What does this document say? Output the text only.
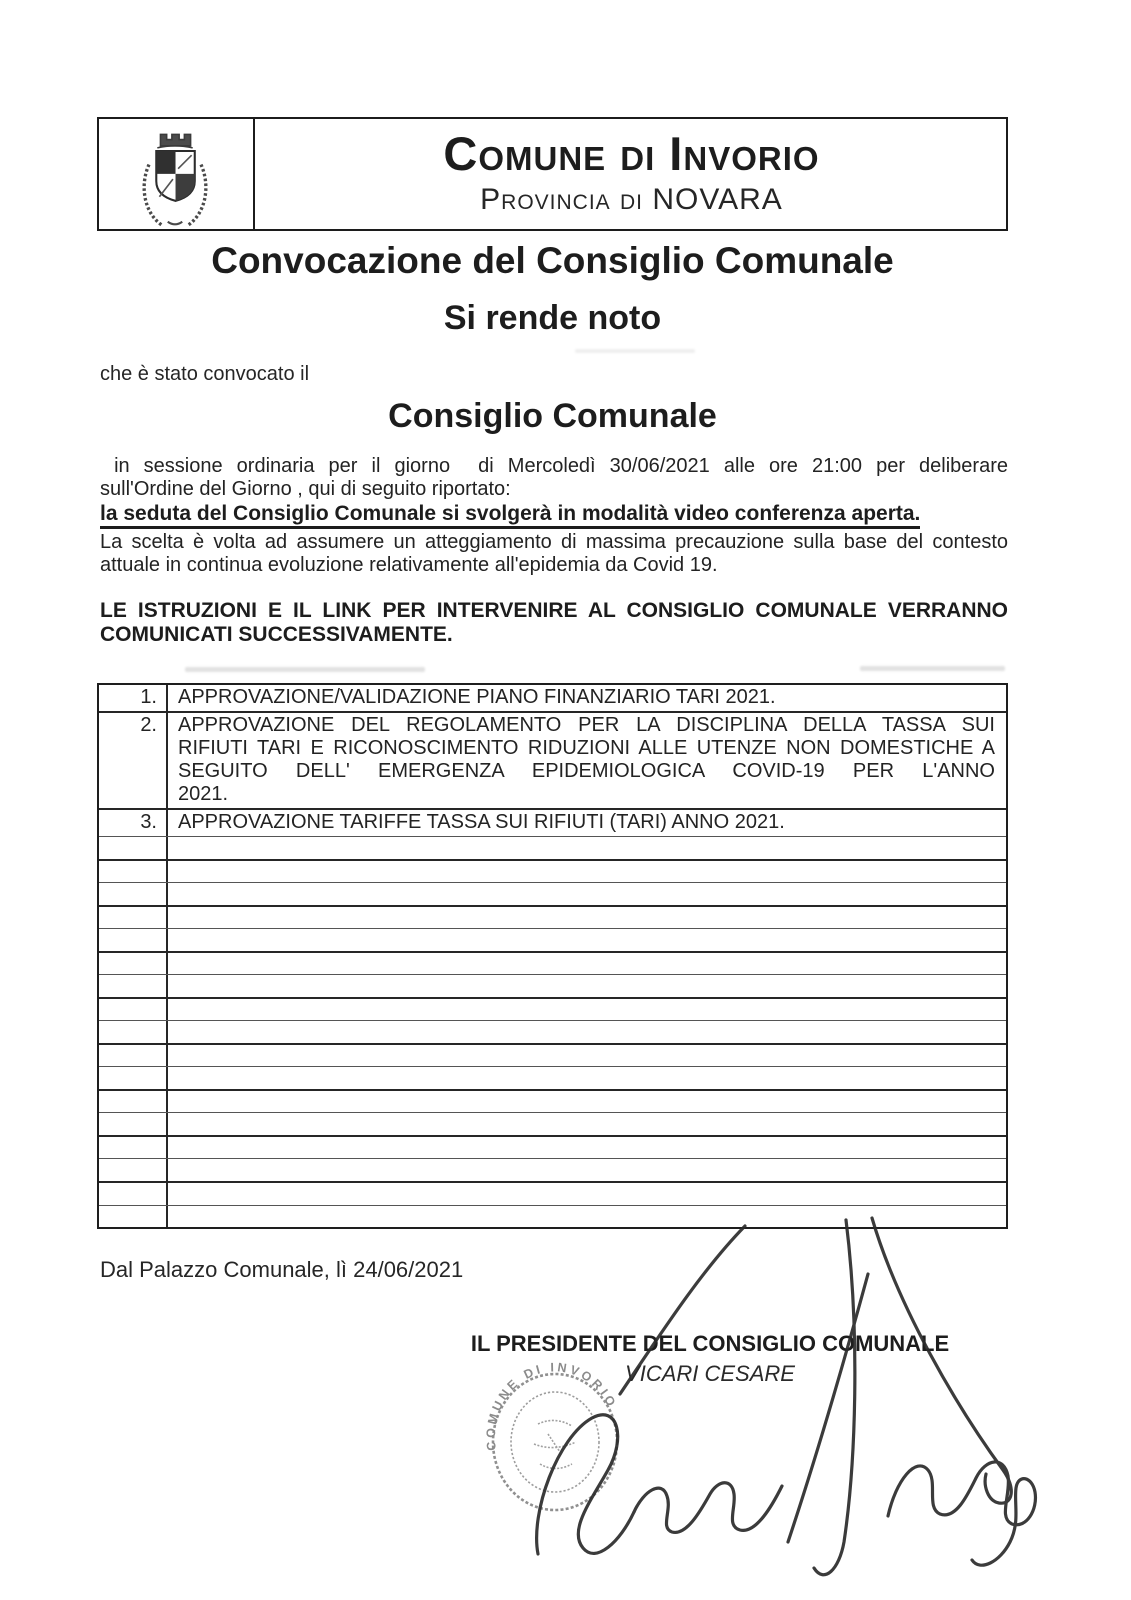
Comune di Invorio
Provincia di NOVARA
Convocazione del Consiglio Comunale
Si rende noto
che è stato convocato il
Consiglio Comunale
in sessione ordinaria per il giorno  di Mercoledì 30/06/2021 alle ore 21:00 per deliberare
sull'Ordine del Giorno , qui di seguito riportato:
la seduta del Consiglio Comunale si svolgerà in modalità video conferenza aperta.
La scelta è volta ad assumere un atteggiamento di massima precauzione sulla base del contesto
attuale in continua evoluzione relativamente all'epidemia da Covid 19.
LE ISTRUZIONI E IL LINK PER INTERVENIRE AL CONSIGLIO COMUNALE VERRANNO
COMUNICATI SUCCESSIVAMENTE.
1.	APPROVAZIONE/VALIDAZIONE PIANO FINANZIARIO TARI 2021.
2.	APPROVAZIONE DEL REGOLAMENTO PER LA DISCIPLINA DELLA TASSA SUI
RIFIUTI TARI E RICONOSCIMENTO RIDUZIONI ALLE UTENZE NON DOMESTICHE A
SEGUITO DELL' EMERGENZA EPIDEMIOLOGICA COVID-19 PER L'ANNO
2021.
3.	APPROVAZIONE TARIFFE TASSA SUI RIFIUTI (TARI) ANNO 2021.
Dal Palazzo Comunale, lì 24/06/2021
IL PRESIDENTE DEL CONSIGLIO COMUNALE
VICARI CESARE
COMUNE DI INVORIO
